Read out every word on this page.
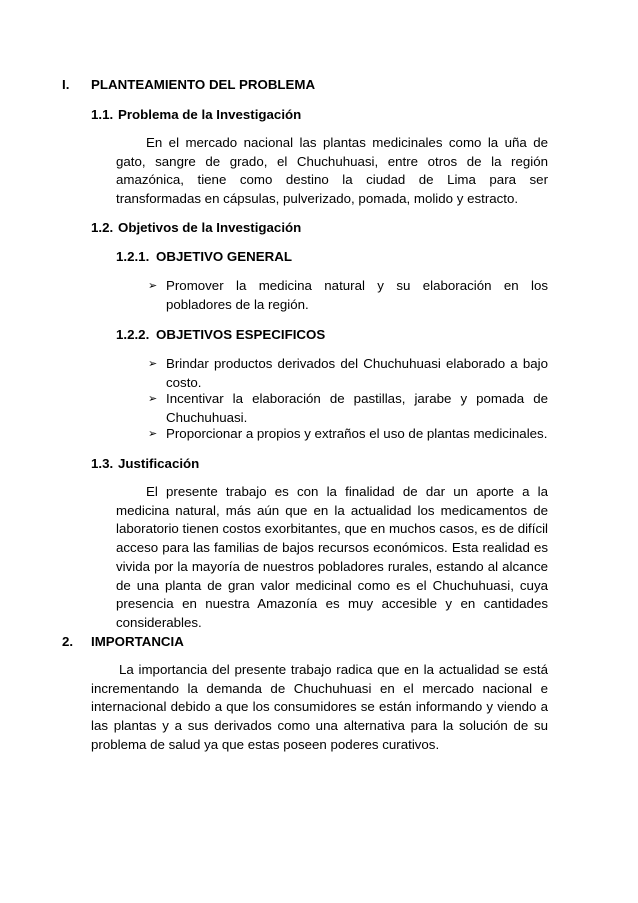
I. PLANTEAMIENTO DEL PROBLEMA
1.1. Problema de la Investigación

En el mercado nacional las plantas medicinales como la uña de gato, sangre de grado, el Chuchuhuasi, entre otros de la región amazónica, tiene como destino la ciudad de Lima para ser transformadas en cápsulas, pulverizado, pomada, molido y estracto.

1.2. Objetivos de la Investigación
1.2.1. OBJETIVO GENERAL
➢ Promover la medicina natural y su elaboración en los pobladores de la región.
1.2.2. OBJETIVOS ESPECIFICOS
➢ Brindar productos derivados del Chuchuhuasi elaborado a bajo costo.
➢ Incentivar la elaboración de pastillas, jarabe y pomada de Chuchuhuasi.
➢ Proporcionar a propios y extraños el uso de plantas medicinales.
1.3. Justificación

El presente trabajo es con la finalidad de dar un aporte a la medicina natural, más aún que en la actualidad los medicamentos de laboratorio tienen costos exorbitantes, que en muchos casos, es de difícil acceso para las familias de bajos recursos económicos. Esta realidad es vivida por la mayoría de nuestros pobladores rurales, estando al alcance de una planta de gran valor medicinal como es el Chuchuhuasi, cuya presencia en nuestra Amazonía es muy accesible y en cantidades considerables.

2. IMPORTANCIA

La importancia del presente trabajo radica que en la actualidad se está incrementando la demanda de Chuchuhuasi en el mercado nacional e internacional debido a que los consumidores se están informando y viendo a las plantas y a sus derivados como una alternativa para la solución de su problema de salud ya que estas poseen poderes curativos.
